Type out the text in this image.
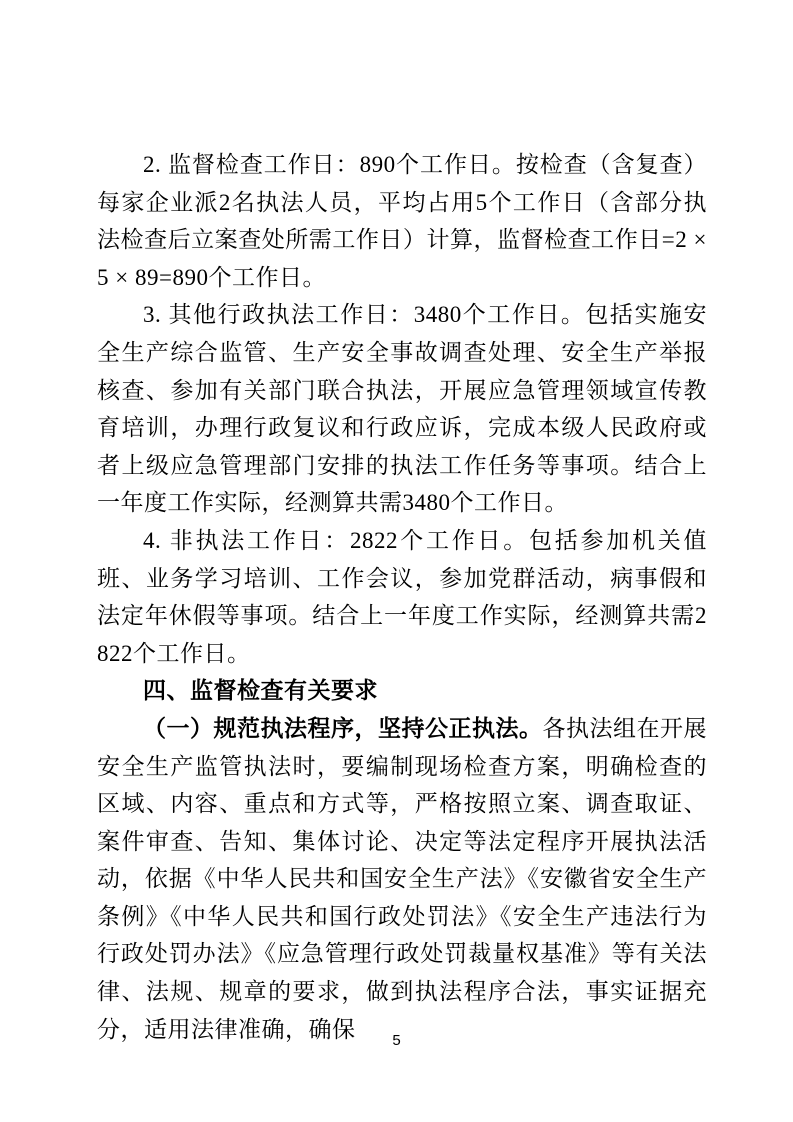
2. 监督检查工作日：890个工作日。按检查（含复查）每家企业派2名执法人员，平均占用5个工作日（含部分执法检查后立案查处所需工作日）计算，监督检查工作日=2 × 5 × 89=890个工作日。

3. 其他行政执法工作日：3480个工作日。包括实施安全生产综合监管、生产安全事故调查处理、安全生产举报核查、参加有关部门联合执法，开展应急管理领域宣传教育培训，办理行政复议和行政应诉，完成本级人民政府或者上级应急管理部门安排的执法工作任务等事项。结合上一年度工作实际，经测算共需3480个工作日。

4. 非执法工作日：2822个工作日。包括参加机关值班、业务学习培训、工作会议，参加党群活动，病事假和法定年休假等事项。结合上一年度工作实际，经测算共需2822个工作日。

四、监督检查有关要求

（一）规范执法程序，坚持公正执法。各执法组在开展安全生产监管执法时，要编制现场检查方案，明确检查的区域、内容、重点和方式等，严格按照立案、调查取证、案件审查、告知、集体讨论、决定等法定程序开展执法活动，依据《中华人民共和国安全生产法》《安徽省安全生产条例》《中华人民共和国行政处罚法》《安全生产违法行为行政处罚办法》《应急管理行政处罚裁量权基准》等有关法律、法规、规章的要求，做到执法程序合法，事实证据充分，适用法律准确，确保	5
